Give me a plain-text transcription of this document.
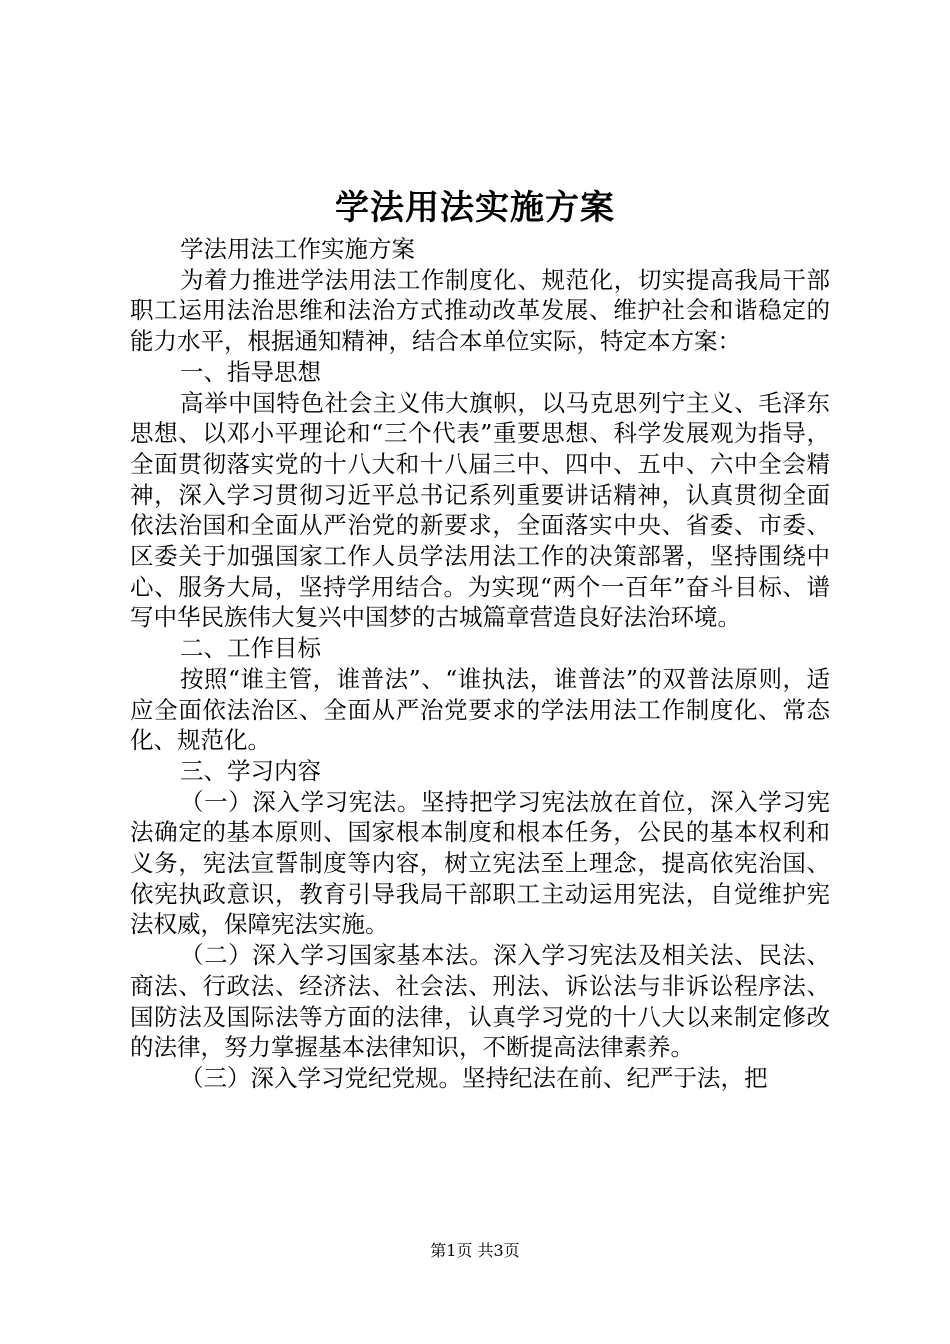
学法用法实施方案

学法用法工作实施方案

为着力推进学法用法工作制度化、规范化，切实提高我局干部职工运用法治思维和法治方式推动改革发展、维护社会和谐稳定的能力水平，根据通知精神，结合本单位实际，特定本方案：

一、指导思想

高举中国特色社会主义伟大旗帜，以马克思列宁主义、毛泽东思想、以邓小平理论和“三个代表”重要思想、科学发展观为指导，全面贯彻落实党的十八大和十八届三中、四中、五中、六中全会精神，深入学习贯彻习近平总书记系列重要讲话精神，认真贯彻全面依法治国和全面从严治党的新要求，全面落实中央、省委、市委、区委关于加强国家工作人员学法用法工作的决策部署，坚持围绕中心、服务大局，坚持学用结合。为实现“两个一百年”奋斗目标、谱写中华民族伟大复兴中国梦的古城篇章营造良好法治环境。

二、工作目标

按照“谁主管，谁普法”、“谁执法，谁普法”的双普法原则，适应全面依法治区、全面从严治党要求的学法用法工作制度化、常态化、规范化。

三、学习内容

（一）深入学习宪法。坚持把学习宪法放在首位，深入学习宪法确定的基本原则、国家根本制度和根本任务，公民的基本权利和义务，宪法宣誓制度等内容，树立宪法至上理念，提高依宪治国、依宪执政意识，教育引导我局干部职工主动运用宪法，自觉维护宪法权威，保障宪法实施。

（二）深入学习国家基本法。深入学习宪法及相关法、民法、商法、行政法、经济法、社会法、刑法、诉讼法与非诉讼程序法、国防法及国际法等方面的法律，认真学习党的十八大以来制定修改的法律，努力掌握基本法律知识，不断提高法律素养。

（三）深入学习党纪党规。坚持纪法在前、纪严于法，把

第1页 共3页
